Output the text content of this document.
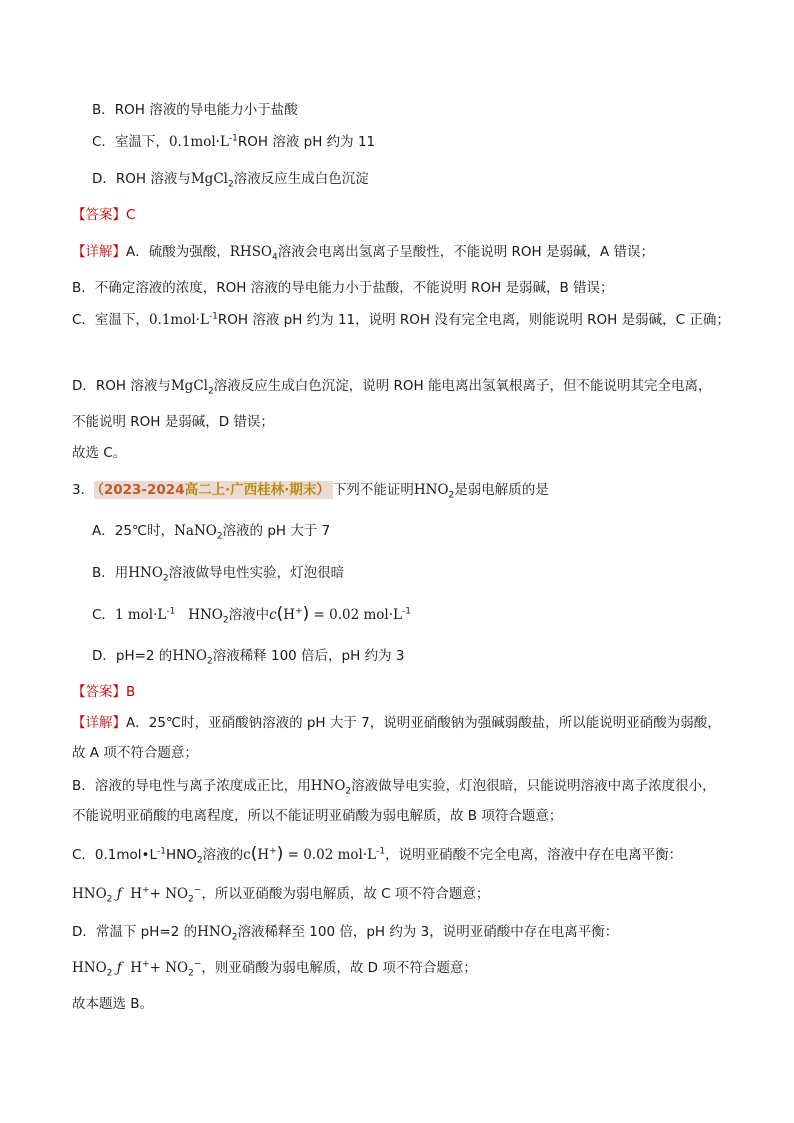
B．ROH 溶液的导电能力小于盐酸
C．室温下，$0.1mol\cdot L^{-1}ROH$ 溶液 pH 约为 11
D．ROH 溶液与MgCl$_2$溶液反应生成白色沉淀
【答案】C
【详解】A．硫酸为强酸，$RHSO_4$溶液会电离出氢离子呈酸性，不能说明 ROH 是弱碱，A 错误；
B．不确定溶液的浓度，ROH 溶液的导电能力小于盐酸，不能说明 ROH 是弱碱，B 错误；
C．室温下，$0.1mol\cdot L^{-1}ROH$ 溶液 pH 约为 11，说明 ROH 没有完全电离，则能说明 ROH 是弱碱，C 正确；
D．ROH 溶液与MgCl$_2$溶液反应生成白色沉淀，说明 ROH 能电离出氢氧根离子，但不能说明其完全电离，
不能说明 ROH 是弱碱，D 错误；
故选 C。
3． （2023-2024高二上·广西桂林·期末） 下列不能证明$HNO_2$是弱电解质的是
A．25℃时，NaNO$_2$溶液的 pH 大于 7
B．用$HNO_2$溶液做导电性实验，灯泡很暗
C．1 $mol\cdot L^{-1}$ $HNO_2$溶液中c(H+) = 0.02 $mol\cdot L^{-1}$
D．pH=2 的$HNO_2$溶液稀释 100 倍后，pH 约为 3
【答案】B
【详解】A．25℃时，亚硝酸钠溶液的 pH 大于 7，说明亚硝酸钠为强碱弱酸盐，所以能说明亚硝酸为弱酸，
故 A 项不符合题意；
B．溶液的导电性与离子浓度成正比，用$HNO_2$溶液做导电实验，灯泡很暗，只能说明溶液中离子浓度很小，
不能说明亚硝酸的电离程度，所以不能证明亚硝酸为弱电解质，故 B 项符合题意；
C．$0.1mol•L^{-1}HNO_2$溶液的c(H+) = 0.02 $mol\cdot L^{-1}$，说明亚硝酸不完全电离，溶液中存在电离平衡：
$HNO_2$ ƒ $H^++ NO_2^-$，所以亚硝酸为弱电解质，故 C 项不符合题意；
D．常温下 pH=2 的$HNO_2$溶液稀释至 100 倍，pH 约为 3，说明亚硝酸中存在电离平衡：
$HNO_2$ ƒ $H^++ NO_2^-$，则亚硝酸为弱电解质，故 D 项不符合题意；
故本题选 B。
